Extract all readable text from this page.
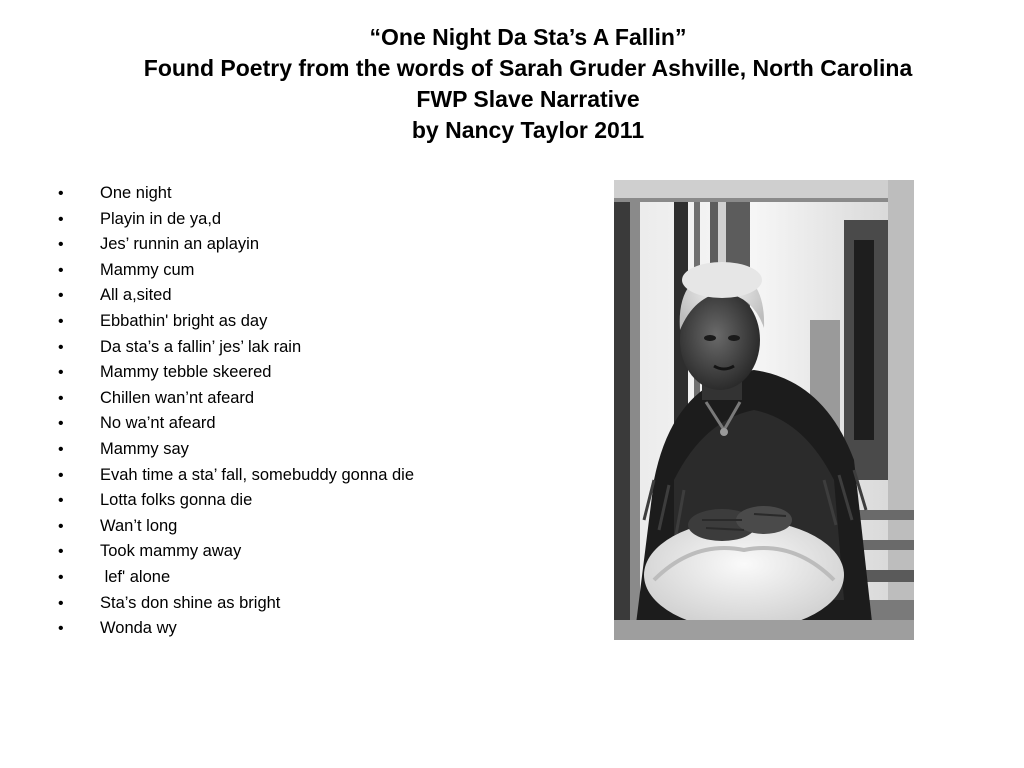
“One Night Da Sta’s A Fallin”
Found Poetry from the words of Sarah Gruder Ashville, North Carolina
FWP Slave Narrative
by Nancy Taylor 2011
•	One night
•	Playin in de ya,d
•	Jes’ runnin an aplayin
•	Mammy cum
•	All a,sited
•	Ebbathin' bright as day
•	Da sta’s a fallin’ jes’ lak rain
•	Mammy tebble skeered
•	Chillen wan’nt afeard
•	No wa’nt afeard
•	Mammy say
•	Evah time a sta’ fall, somebuddy gonna die
•	Lotta folks gonna die
•	Wan’t long
•	Took mammy away
•	lef' alone
•	Sta’s don shine as bright
•	Wonda wy
